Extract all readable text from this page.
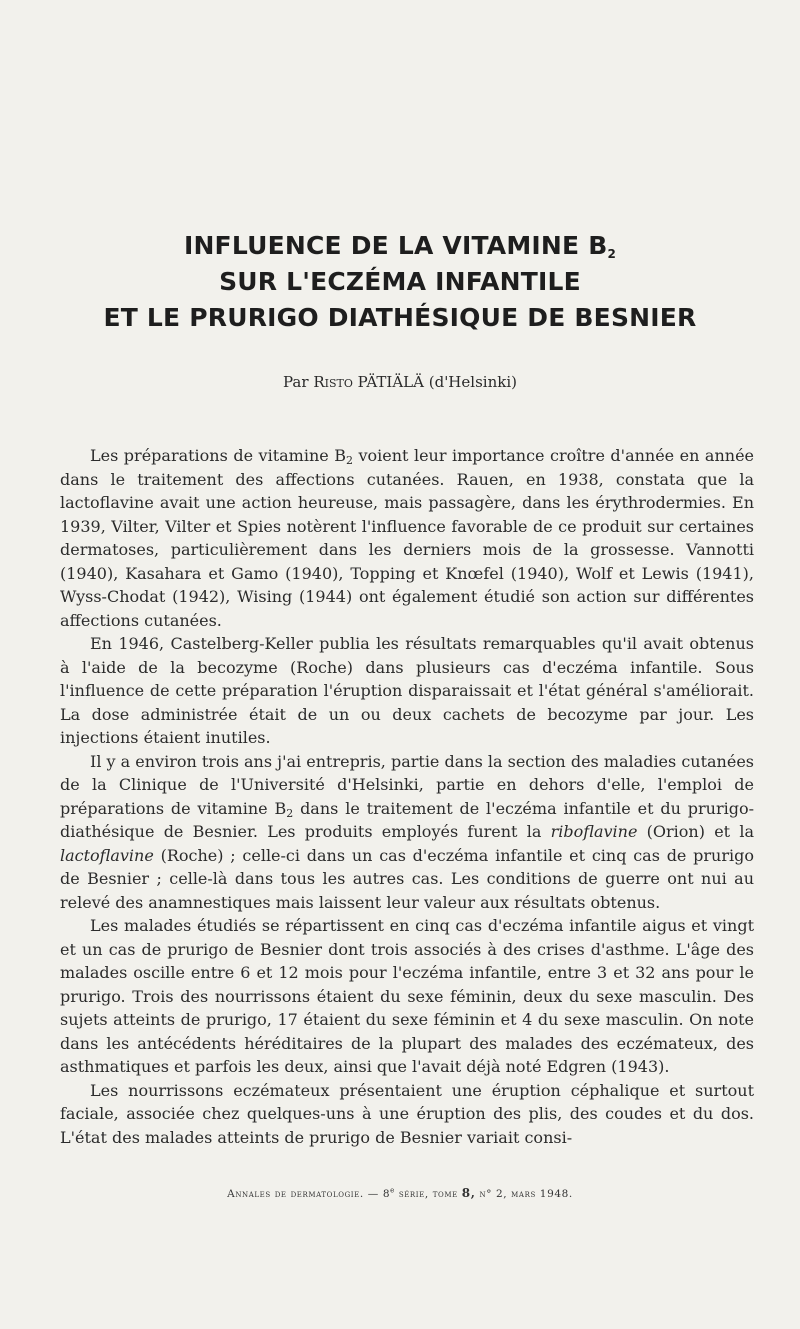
INFLUENCE DE LA VITAMINE $B_2$
SUR L'ECZÉMA INFANTILE
ET LE PRURIGO DIATHÉSIQUE DE BESNIER
Par Risto PÄTIÄLÄ (d'Helsinki)

Les préparations de vitamine $B_2$ voient leur importance croître d'année en année dans le traitement des affections cutanées. Rauen, en 1938, constata que la lactoflavine avait une action heureuse, mais passagère, dans les érythrodermies. En 1939, Vilter, Vilter et Spies notèrent l'influence favorable de ce produit sur certaines dermatoses, particulièrement dans les derniers mois de la grossesse. Vannotti (1940), Kasahara et Gamo (1940), Topping et Knœfel (1940), Wolf et Lewis (1941), Wyss-Chodat (1942), Wising (1944) ont également étudié son action sur différentes affections cutanées.

En 1946, Castelberg-Keller publia les résultats remarquables qu'il avait obtenus à l'aide de la becozyme (Roche) dans plusieurs cas d'eczéma infantile. Sous l'influence de cette préparation l'éruption disparaissait et l'état général s'améliorait. La dose administrée était de un ou deux cachets de becozyme par jour. Les injections étaient inutiles.

Il y a environ trois ans j'ai entrepris, partie dans la section des maladies cutanées de la Clinique de l'Université d'Helsinki, partie en dehors d'elle, l'emploi de préparations de vitamine $B_2$ dans le traitement de l'eczéma infantile et du prurigo-diathésique de Besnier. Les produits employés furent la riboflavine (Orion) et la lactoflavine (Roche) ; celle-ci dans un cas d'eczéma infantile et cinq cas de prurigo de Besnier ; celle-là dans tous les autres cas. Les conditions de guerre ont nui au relevé des anamnestiques mais laissent leur valeur aux résultats obtenus.

Les malades étudiés se répartissent en cinq cas d'eczéma infantile aigus et vingt et un cas de prurigo de Besnier dont trois associés à des crises d'asthme. L'âge des malades oscille entre 6 et 12 mois pour l'eczéma infantile, entre 3 et 32 ans pour le prurigo. Trois des nourrissons étaient du sexe féminin, deux du sexe masculin. Des sujets atteints de prurigo, 17 étaient du sexe féminin et 4 du sexe masculin. On note dans les antécédents héréditaires de la plupart des malades des eczémateux, des asthmatiques et parfois les deux, ainsi que l'avait déjà noté Edgren (1943).

Les nourrissons eczémateux présentaient une éruption céphalique et surtout faciale, associée chez quelques-uns à une éruption des plis, des coudes et du dos. L'état des malades atteints de prurigo de Besnier variait consi-

Annales de dermatologie. — 8e série, tome 8, n° 2, mars 1948.
